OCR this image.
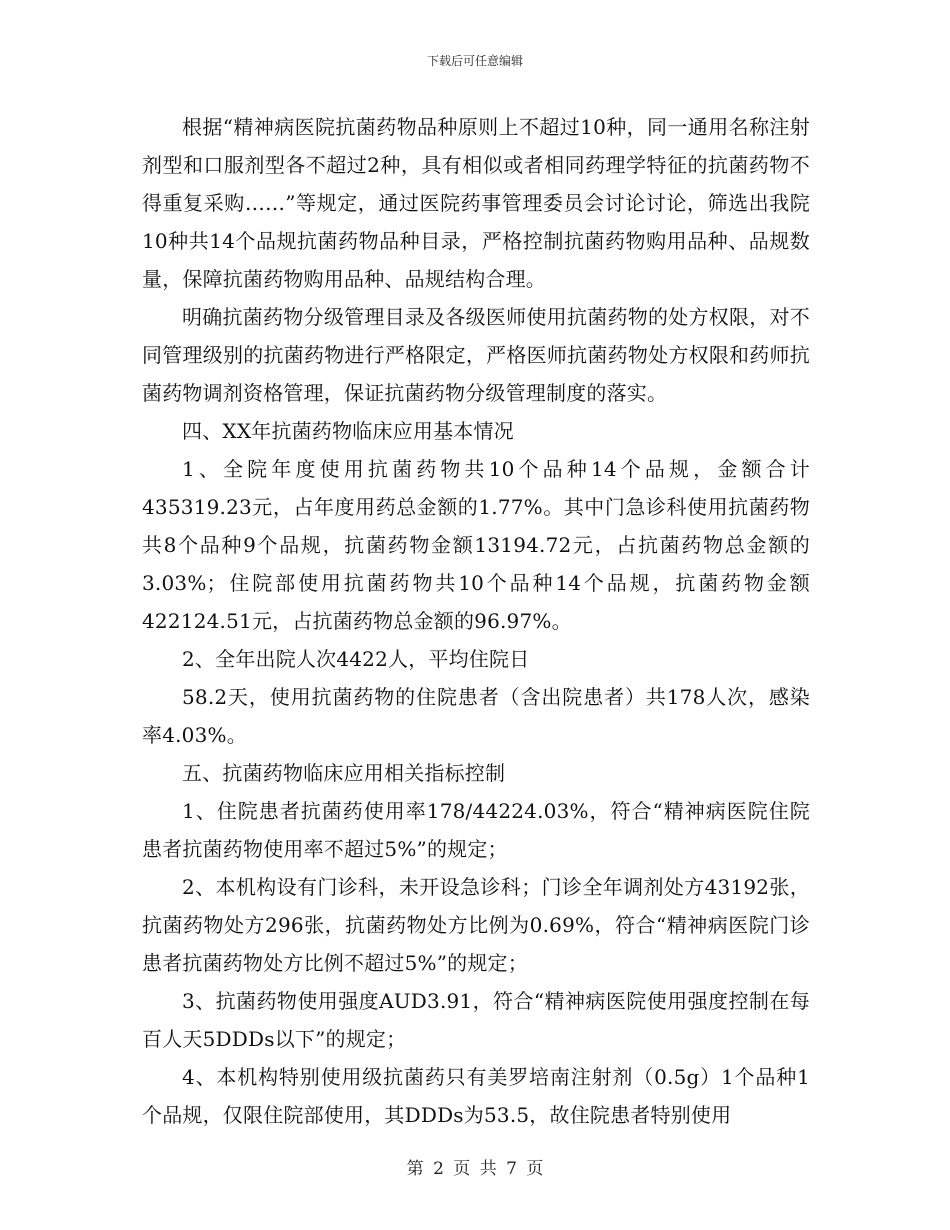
下载后可任意编辑

根据“精神病医院抗菌药物品种原则上不超过10种，同一通用名称注射剂型和口服剂型各不超过2种，具有相似或者相同药理学特征的抗菌药物不得重复采购……”等规定，通过医院药事管理委员会讨论讨论，筛选出我院10种共14个品规抗菌药物品种目录，严格控制抗菌药物购用品种、品规数量，保障抗菌药物购用品种、品规结构合理。

明确抗菌药物分级管理目录及各级医师使用抗菌药物的处方权限，对不同管理级别的抗菌药物进行严格限定，严格医师抗菌药物处方权限和药师抗菌药物调剂资格管理，保证抗菌药物分级管理制度的落实。

四、XX年抗菌药物临床应用基本情况

1、全院年度使用抗菌药物共10个品种14个品规，金额合计435319.23元，占年度用药总金额的1.77%。其中门急诊科使用抗菌药物共8个品种9个品规，抗菌药物金额13194.72元，占抗菌药物总金额的3.03%；住院部使用抗菌药物共10个品种14个品规，抗菌药物金额422124.51元，占抗菌药物总金额的96.97%。

2、全年出院人次4422人，平均住院日

58.2天，使用抗菌药物的住院患者（含出院患者）共178人次，感染率4.03%。

五、抗菌药物临床应用相关指标控制

1、住院患者抗菌药使用率178/44224.03%，符合“精神病医院住院患者抗菌药物使用率不超过5%”的规定；

2、本机构设有门诊科，未开设急诊科；门诊全年调剂处方43192张，抗菌药物处方296张，抗菌药物处方比例为0.69%，符合“精神病医院门诊患者抗菌药物处方比例不超过5%”的规定；

3、抗菌药物使用强度AUD3.91，符合“精神病医院使用强度控制在每百人天5DDDs以下”的规定；

4、本机构特别使用级抗菌药只有美罗培南注射剂（0.5g）1个品种1个品规，仅限住院部使用，其DDDs为53.5，故住院患者特别使用

第 2 页 共 7 页
